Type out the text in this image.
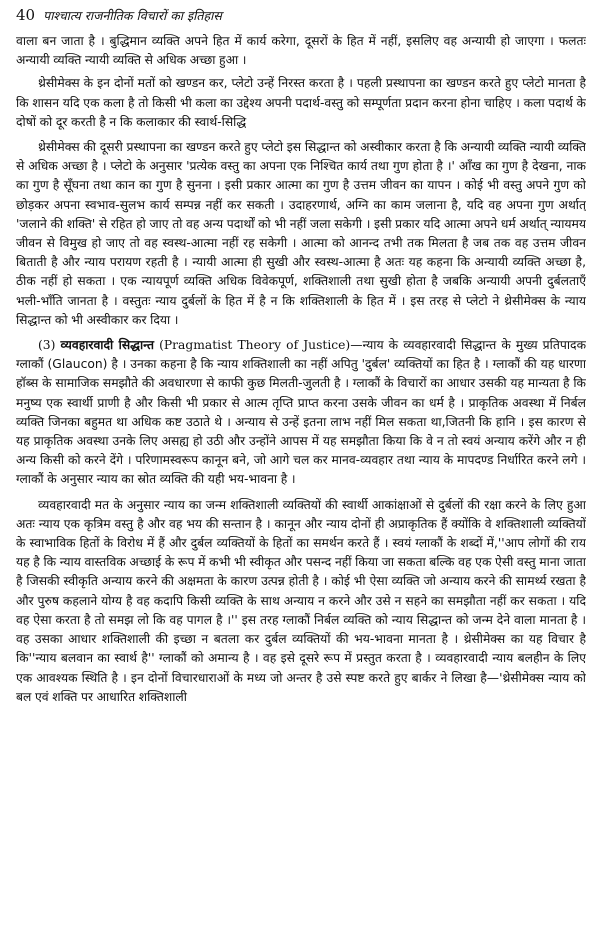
40 पाश्चात्य राजनीतिक विचारों का इतिहास

वाला बन जाता है । बुद्धिमान व्यक्ति अपने हित में कार्य करेगा, दूसरों के हित में नहीं, इसलिए वह अन्यायी हो जाएगा । फलतः अन्यायी व्यक्ति न्यायी व्यक्ति से अधिक अच्छा हुआ ।

थ्रेसीमेक्स के इन दोनों मतों को खण्डन कर, प्लेटो उन्हें निरस्त करता है । पहली प्रस्थापना का खण्डन करते हुए प्लेटो मानता है कि शासन यदि एक कला है तो किसी भी कला का उद्देश्य अपनी पदार्थ-वस्तु को सम्पूर्णता प्रदान करना होना चाहिए । कला पदार्थ के दोषों को दूर करती है न कि कलाकार की स्वार्थ-सिद्धि

थ्रेसीमेक्स की दूसरी प्रस्थापना का खण्डन करते हुए प्लेटो इस सिद्धान्त को अस्वीकार करता है कि अन्यायी व्यक्ति न्यायी व्यक्ति से अधिक अच्छा है । प्लेटो के अनुसार 'प्रत्येक वस्तु का अपना एक निश्चित कार्य तथा गुण होता है ।' आँख का गुण है देखना, नाक का गुण है सूँघना तथा कान का गुण है सुनना । इसी प्रकार आत्मा का गुण है उत्तम जीवन का यापन । कोई भी वस्तु अपने गुण को छोड़कर अपना स्वभाव-सुलभ कार्य सम्पन्न नहीं कर सकती । उदाहरणार्थ, अग्नि का काम जलाना है, यदि वह अपना गुण अर्थात् 'जलाने की शक्ति' से रहित हो जाए तो वह अन्य पदार्थों को भी नहीं जला सकेगी । इसी प्रकार यदि आत्मा अपने धर्म अर्थात् न्यायमय जीवन से विमुख हो जाए तो वह स्वस्थ-आत्मा नहीं रह सकेगी । आत्मा को आनन्द तभी तक मिलता है जब तक वह उत्तम जीवन बिताती है और न्याय परायण रहती है । न्यायी आत्मा ही सुखी और स्वस्थ-आत्मा है अतः यह कहना कि अन्यायी व्यक्ति अच्छा है, ठीक नहीं हो सकता । एक न्यायपूर्ण व्यक्ति अधिक विवेकपूर्ण, शक्तिशाली तथा सुखी होता है जबकि अन्यायी अपनी दुर्बलताएँ भली-भाँति जानता है । वस्तुतः न्याय दुर्बलों के हित में है न कि शक्तिशाली के हित में । इस तरह से प्लेटो ने थ्रेसीमेक्स के न्याय सिद्धान्त को भी अस्वीकार कर दिया ।

(3) व्यवहारवादी सिद्धान्त (Pragmatist Theory of Justice)—न्याय के व्यवहारवादी सिद्धान्त के मुख्य प्रतिपादक ग्लाकौं (Glaucon) है । उनका कहना है कि न्याय शक्तिशाली का नहीं अपितु 'दुर्बल' व्यक्तियों का हित है । ग्लाकौं की यह धारणा हॉब्स के सामाजिक समझौते की अवधारणा से काफी कुछ मिलती-जुलती है । ग्लाकौं के विचारों का आधार उसकी यह मान्यता है कि मनुष्य एक स्वार्थी प्राणी है और किसी भी प्रकार से आत्म तृप्ति प्राप्त करना उसके जीवन का धर्म है । प्राकृतिक अवस्था में निर्बल व्यक्ति जिनका बहुमत था अधिक कष्ट उठाते थे । अन्याय से उन्हें इतना लाभ नहीं मिल सकता था,जितनी कि हानि । इस कारण से यह प्राकृतिक अवस्था उनके लिए असह्य हो उठी और उन्होंने आपस में यह समझौता किया कि वे न तो स्वयं अन्याय करेंगे और न ही अन्य किसी को करने देंगे । परिणामस्वरूप कानून बने, जो आगे चल कर मानव-व्यवहार तथा न्याय के मापदण्ड निर्धारित करने लगे । ग्लाकौं के अनुसार न्याय का स्रोत व्यक्ति की यही भय-भावना है ।

व्यवहारवादी मत के अनुसार न्याय का जन्म शक्तिशाली व्यक्तियों की स्वार्थी आकांक्षाओं से दुर्बलों की रक्षा करने के लिए हुआ अतः न्याय एक कृत्रिम वस्तु है और वह भय की सन्तान है । कानून और न्याय दोनों ही अप्राकृतिक हैं क्योंकि वे शक्तिशाली व्यक्तियों के स्वाभाविक हितों के विरोध में हैं और दुर्बल व्यक्तियों के हितों का समर्थन करते हैं । स्वयं ग्लाकौं के शब्दों में,''आप लोगों की राय यह है कि न्याय वास्तविक अच्छाई के रूप में कभी भी स्वीकृत और पसन्द नहीं किया जा सकता बल्कि वह एक ऐसी वस्तु माना जाता है जिसकी स्वीकृति अन्याय करने की अक्षमता के कारण उत्पन्न होती है । कोई भी ऐसा व्यक्ति जो अन्याय करने की सामर्थ्य रखता है और पुरुष कहलाने योग्य है वह कदापि किसी व्यक्ति के साथ अन्याय न करने और उसे न सहने का समझौता नहीं कर सकता । यदि वह ऐसा करता है तो समझ लो कि वह पागल है ।'' इस तरह ग्लाकौं निर्बल व्यक्ति को न्याय सिद्धान्त को जन्म देने वाला मानता है । वह उसका आधार शक्तिशाली की इच्छा न बतला कर दुर्बल व्यक्तियों की भय-भावना मानता है । थ्रेसीमेक्स का यह विचार है कि''न्याय बलवान का स्वार्थ है'' ग्लाकौं को अमान्य है । वह इसे दूसरे रूप में प्रस्तुत करता है । व्यवहारवादी न्याय बलहीन के लिए एक आवश्यक स्थिति है । इन दोनों विचारधाराओं के मध्य जो अन्तर है उसे स्पष्ट करते हुए बार्कर ने लिखा है—'थ्रेसीमेक्स न्याय को बल एवं शक्ति पर आधारित शक्तिशाली
